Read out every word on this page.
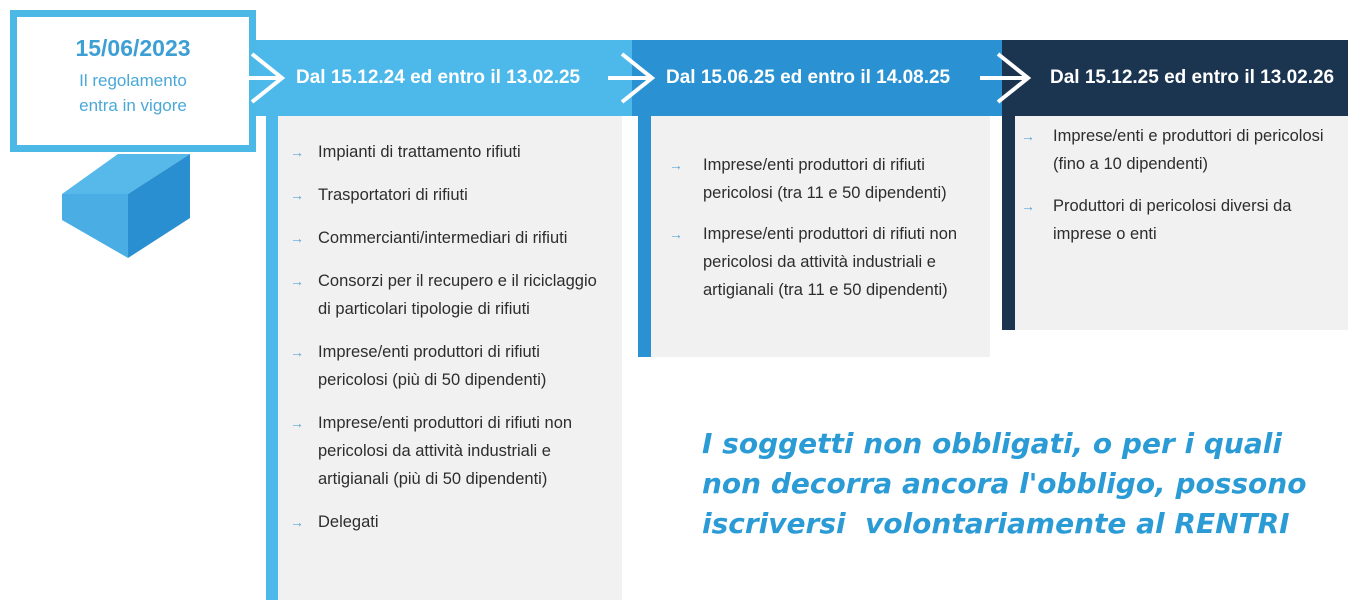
15/06/2023
Il regolamento
entra in vigore
Dal 15.12.24 ed entro il 13.02.25	Dal 15.06.25 ed entro il 14.08.25	Dal 15.12.25 ed entro il 13.02.26
→ Impianti di trattamento rifiuti
→ Trasportatori di rifiuti
→ Commercianti/intermediari di rifiuti
→ Consorzi per il recupero e il riciclaggio di particolari tipologie di rifiuti
→ Imprese/enti produttori di rifiuti pericolosi (più di 50 dipendenti)
→ Imprese/enti produttori di rifiuti non pericolosi da attività industriali e artigianali (più di 50 dipendenti)
→ Delegati
→ Imprese/enti produttori di rifiuti pericolosi (tra 11 e 50 dipendenti)
→ Imprese/enti produttori di rifiuti non pericolosi da attività industriali e artigianali (tra 11 e 50 dipendenti)
→ Imprese/enti e produttori di pericolosi (fino a 10 dipendenti)
→ Produttori di pericolosi diversi da imprese o enti
I soggetti non obbligati, o per i quali
non decorra ancora l'obbligo, possono
iscriversi  volontariamente al RENTRI
